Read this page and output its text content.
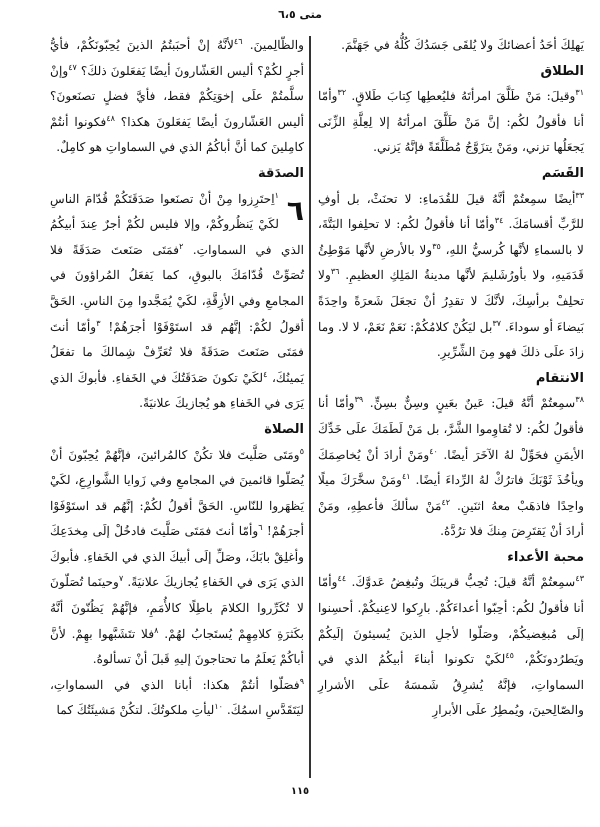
متى ٦،٥

يَهلِكَ أحَدُ أعضائكَ ولا يُلقَى جَسَدُكَ كُلُّهُ في جَهَنَّمَ.

الطلاق

$^{٣١}$وقيلَ: مَنْ طَلَّقَ امرأتَهُ فليُعطِها كِتابَ طَلاقٍ. $^{٣٢}$وأمّا أنا فأقولُ لكُم: إنَّ مَنْ طَلَّقَ امرأتَهُ إلا لِعِلَّةِ الزِّنَى يَجعَلُها تزني، ومَنْ يتزَوَّجُ مُطَلَّقَةً فإنَّهُ يَزني.

القَسَم

$^{٣٣}$أيضًا سمِعتُمْ أنَّهُ قيلَ للقُدَماءِ: لا تحنَثْ، بل أوفِ للرَّبِّ أقسامَكَ. $^{٣٤}$وأمّا أنا فأقولُ لكُم: لا تحلِفوا البَتَّةَ، لا بالسماءِ لأنَّها كُرسيُّ اللهِ، $^{٣٥}$ولا بالأرضِ لأنَّها مَوْطِئُ قَدَمَيهِ، ولا بأورُشَليمَ لأنَّها مدينةُ المَلِكِ العظيمِ. $^{٣٦}$ولا تحلِفْ برأسِكَ، لأنَّكَ لا تقدِرُ أنْ تجعَلَ شَعرَةً واحِدَةً بَيضاءَ أو سوداءَ. $^{٣٧}$بل ليَكُنْ كلامُكُمْ: نَعَمْ نَعَمْ، لا لا. وما زادَ علَى ذلكَ فهو مِنَ الشِّرِّيرِ.

الانتقام

$^{٣٨}$سمِعتُمْ أنَّهُ قيلَ: عَينٌ بعَينٍ وسِنٌّ بسِنٍّ. $^{٣٩}$وأمّا أنا فأقولُ لكُم: لا تُقاوِموا الشَّرَّ، بل مَنْ لَطَمَكَ علَى خَدِّكَ الأيمَنِ فحَوِّلْ لهُ الآخَرَ أيضًا. $^{٤٠}$ومَنْ أرادَ أنْ يُخاصِمَكَ ويأخُذَ ثَوْبَكَ فاترُكْ لهُ الرِّداءَ أيضًا. $^{٤١}$ومَنْ سخَّرَكَ ميلًا واحِدًا فاذهَبْ معهُ اثنَينِ. $^{٤٢}$مَنْ سألكَ فأعطِهِ، ومَنْ أرادَ أنْ يَقتَرِضَ مِنكَ فلا ترُدَّهُ.

محبة الأعداء

$^{٤٣}$سمِعتُمْ أنَّهُ قيلَ: تُحِبُّ قريبَكَ وتُبغِضُ عَدوَّكَ. $^{٤٤}$وأمّا أنا فأقولُ لكُم: أحِبّوا أعداءَكُمْ. بارِكوا لاعِنيكُمْ. أحسِنوا إلَى مُبغِضيكُمْ، وصَلّوا لأجلِ الذينَ يُسيئونَ إلَيكُمْ ويَطرُدونَكُمْ، $^{٤٥}$لكَيْ تكونوا أبناءَ أبيكُمُ الذي في السماواتِ، فإنَّهُ يُشرِقُ شَمسَهُ علَى الأشرارِ والصّالِحينَ، ويُمطِرُ علَى الأبرارِ

والظّالِمينَ. $^{٤٦}$لأنَّهُ إنْ أحبَبتُمُ الذينَ يُحِبّونَكُمْ، فأيُّ أجرٍ لكُمْ؟ أليس العَشّارونَ أيضًا يَفعَلونَ ذلكَ؟ $^{٤٧}$وإنْ سلَّمتُمْ علَى إخوَتِكُمْ فقط، فأيَّ فضلٍ تصنَعونَ؟ أليس العَشّارونَ أيضًا يَفعَلونَ هكذا؟ $^{٤٨}$فكونوا أنتُمْ كامِلينَ كما أنَّ أباكُمُ الذي في السماواتِ هو كامِلٌ.

الصدَقة

٦
$^١$اِحتَرِزوا مِنْ أنْ تصنَعوا صَدَقَتَكُمْ قُدّامَ الناسِ لكَيْ يَنظُروكُمْ، وإلا فليس لكُمْ أجرٌ عِندَ أبيكُمُ الذي في السماواتِ. $^٢$فمَتَى صَنَعتَ صَدَقَةً فلا تُصَوِّتْ قُدّامَكَ بالبوقِ، كما يَفعَلُ المُراؤونَ في المجامعِ وفي الأزِقَّةِ، لكَيْ يُمَجَّدوا مِنَ الناسِ. الحَقَّ أقولُ لكُمْ: إنَّهُم قد استَوْفَوْا أجرَهُمْ! $^٣$وأمّا أنتَ فمَتَى صَنَعتَ صَدَقَةً فلا تُعَرِّفْ شِمالكَ ما تفعَلُ يَمينُكَ، $^٤$لكَيْ تكونَ صَدَقَتُكَ في الخَفاءِ. فأبوكَ الذي يَرَى في الخَفاءِ هو يُجازيكَ علانيَةً.

الصلاة

$^٥$ومَتَى صَلَّيتَ فلا تكُنْ كالمُرائينَ، فإنَّهُمْ يُحِبّونَ أنْ يُصَلّوا قائمينَ في المجامعِ وفي زَوايا الشَّوارِعِ، لكَيْ يَظهَروا للنّاسِ. الحَقَّ أقولُ لكُمْ: إنَّهُم قد استَوْفَوْا أجرَهُمْ! $^٦$وأمّا أنتَ فمَتَى صَلَّيتَ فادخُلْ إلَى مِخدَعِكَ وأغلِقْ بابَكَ، وصَلِّ إلَى أبيكَ الذي في الخَفاءِ. فأبوكَ الذي يَرَى في الخَفاءِ يُجازيكَ علانيَةً. $^٧$وحينَما تُصَلّونَ لا تُكَرِّروا الكلامَ باطِلًا كالأُمَمِ، فإنَّهُمْ يَظُنّونَ أنَّهُ بكَثرَةِ كلامِهِمْ يُستَجابُ لهُمْ. $^٨$فلا تتَشَبَّهوا بهِمْ. لأنَّ أباكُمْ يَعلَمُ ما تحتاجونَ إليهِ قَبلَ أنْ تسألوهُ.

$^٩$فصَلّوا أنتُمْ هكذا: أبانا الذي في السماواتِ، ليَتَقَدَّسِ اسمُكَ. $^{١٠}$ليأتِ ملكوتُكَ. لتكُنْ مَشيئَتُكَ كما

١١٥
